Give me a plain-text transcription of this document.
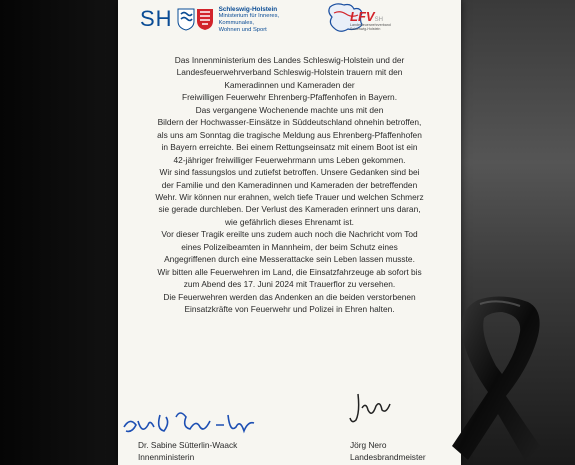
SH	Schleswig-Holstein
Ministerium für Inneres,
Kommunales,
Wohnen und Sport
LFVSH
Landesfeuerwehrverband Schleswig-Holstein
Das Innenministerium des Landes Schleswig-Holstein und der
Landesfeuerwehrverband Schleswig-Holstein trauern mit den
Kameradinnen und Kameraden der
Freiwilligen Feuerwehr Ehrenberg-Pfaffenhofen in Bayern.
Das vergangene Wochenende machte uns mit den
Bildern der Hochwasser-Einsätze in Süddeutschland ohnehin betroffen,
als uns am Sonntag die tragische Meldung aus Ehrenberg-Pfaffenhofen
in Bayern erreichte. Bei einem Rettungseinsatz mit einem Boot ist ein
42-jähriger freiwilliger Feuerwehrmann ums Leben gekommen.
Wir sind fassungslos und zutiefst betroffen. Unsere Gedanken sind bei
der Familie und den Kameradinnen und Kameraden der betreffenden
Wehr. Wir können nur erahnen, welch tiefe Trauer und welchen Schmerz
sie gerade durchleben. Der Verlust des Kameraden erinnert uns daran,
wie gefährlich dieses Ehrenamt ist.
Vor dieser Tragik ereilte uns zudem auch noch die Nachricht vom Tod
eines Polizeibeamten in Mannheim, der beim Schutz eines
Angegriffenen durch eine Messerattacke sein Leben lassen musste.
Wir bitten alle Feuerwehren im Land, die Einsatzfahrzeuge ab sofort bis
zum Abend des 17. Juni 2024 mit Trauerflor zu versehen.
Die Feuerwehren werden das Andenken an die beiden verstorbenen
Einsatzkräfte von Feuerwehr und Polizei in Ehren halten.
Dr. Sabine Sütterlin-Waack
Innenministerin
Jörg Nero
Landesbrandmeister
